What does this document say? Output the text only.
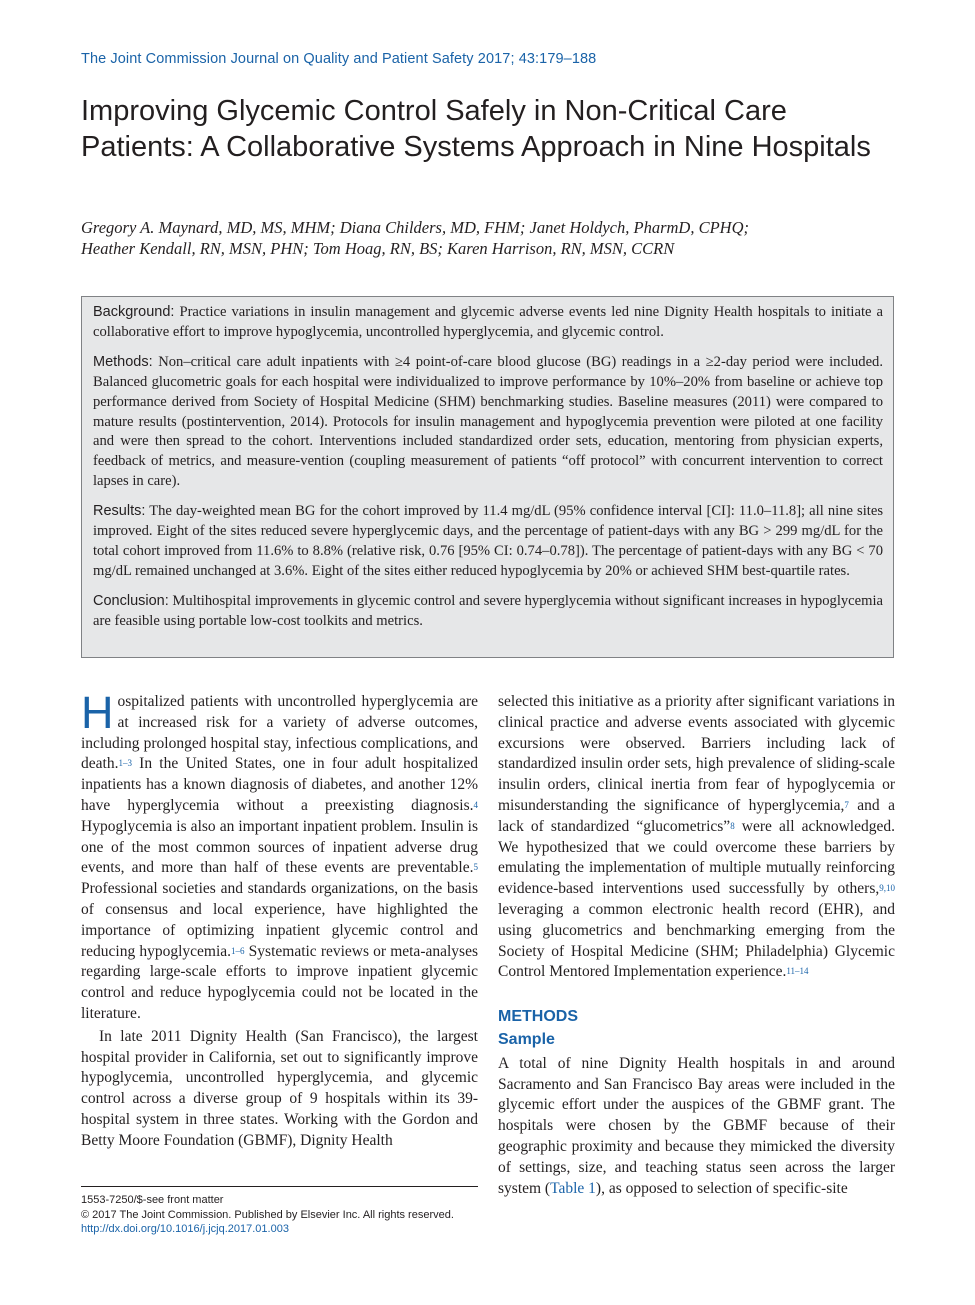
The Joint Commission Journal on Quality and Patient Safety 2017; 43:179–188
Improving Glycemic Control Safely in Non-Critical Care Patients: A Collaborative Systems Approach in Nine Hospitals
Gregory A. Maynard, MD, MS, MHM; Diana Childers, MD, FHM; Janet Holdych, PharmD, CPHQ;
Heather Kendall, RN, MSN, PHN; Tom Hoag, RN, BS; Karen Harrison, RN, MSN, CCRN

Background: Practice variations in insulin management and glycemic adverse events led nine Dignity Health hospitals to initiate a collaborative effort to improve hypoglycemia, uncontrolled hyperglycemia, and glycemic control.

Methods: Non–critical care adult inpatients with ≥4 point-of-care blood glucose (BG) readings in a ≥2-day period were included. Balanced glucometric goals for each hospital were individualized to improve performance by 10%–20% from baseline or achieve top performance derived from Society of Hospital Medicine (SHM) benchmarking studies. Baseline measures (2011) were compared to mature results (postintervention, 2014). Protocols for insulin management and hypoglycemia prevention were piloted at one facility and were then spread to the cohort. Interventions included standardized order sets, education, mentoring from physician experts, feedback of metrics, and measure-vention (coupling measurement of patients “off protocol” with concurrent intervention to correct lapses in care).

Results: The day-weighted mean BG for the cohort improved by 11.4 mg/dL (95% confidence interval [CI]: 11.0–11.8]; all nine sites improved. Eight of the sites reduced severe hyperglycemic days, and the percentage of patient-days with any BG > 299 mg/dL for the total cohort improved from 11.6% to 8.8% (relative risk, 0.76 [95% CI: 0.74–0.78]). The percentage of patient-days with any BG < 70 mg/dL remained unchanged at 3.6%. Eight of the sites either reduced hypoglycemia by 20% or achieved SHM best-quartile rates.

Conclusion: Multihospital improvements in glycemic control and severe hyperglycemia without significant increases in hypoglycemia are feasible using portable low-cost toolkits and metrics.

Hospitalized patients with uncontrolled hyperglycemia are at increased risk for a variety of adverse outcomes, including prolonged hospital stay, infectious complications, and death.$^{1-3}$ In the United States, one in four adult hospitalized inpatients has a known diagnosis of diabetes, and another 12% have hyperglycemia without a preexisting diagnosis.$^4$ Hypoglycemia is also an important inpatient problem. Insulin is one of the most common sources of inpatient adverse drug events, and more than half of these events are preventable.$^5$ Professional societies and standards organizations, on the basis of consensus and local experience, have highlighted the importance of optimizing inpatient glycemic control and reducing hypoglycemia.$^{1-6}$ Systematic reviews or meta-analyses regarding large-scale efforts to improve inpatient glycemic control and reduce hypoglycemia could not be located in the literature.

In late 2011 Dignity Health (San Francisco), the largest hospital provider in California, set out to significantly improve hypoglycemia, uncontrolled hyperglycemia, and glycemic control across a diverse group of 9 hospitals within its 39-hospital system in three states. Working with the Gordon and Betty Moore Foundation (GBMF), Dignity Health

selected this initiative as a priority after significant variations in clinical practice and adverse events associated with glycemic excursions were observed. Barriers including lack of standardized insulin order sets, high prevalence of sliding-scale insulin orders, clinical inertia from fear of hypoglycemia or misunderstanding the significance of hyperglycemia,$^7$ and a lack of standardized “glucometrics”$^8$ were all acknowledged. We hypothesized that we could overcome these barriers by emulating the implementation of multiple mutually reinforcing evidence-based interventions used successfully by others,$^{9,10}$ leveraging a common electronic health record (EHR), and using glucometrics and benchmarking emerging from the Society of Hospital Medicine (SHM; Philadelphia) Glycemic Control Mentored Implementation experience.$^{11-14}$

METHODS

Sample

A total of nine Dignity Health hospitals in and around Sacramento and San Francisco Bay areas were included in the glycemic effort under the auspices of the GBMF grant. The hospitals were chosen by the GBMF because of their geographic proximity and because they mimicked the diversity of settings, size, and teaching status seen across the larger system (Table 1), as opposed to selection of specific-site

1553-7250/$-see front matter
© 2017 The Joint Commission. Published by Elsevier Inc. All rights reserved.
http://dx.doi.org/10.1016/j.jcjq.2017.01.003
